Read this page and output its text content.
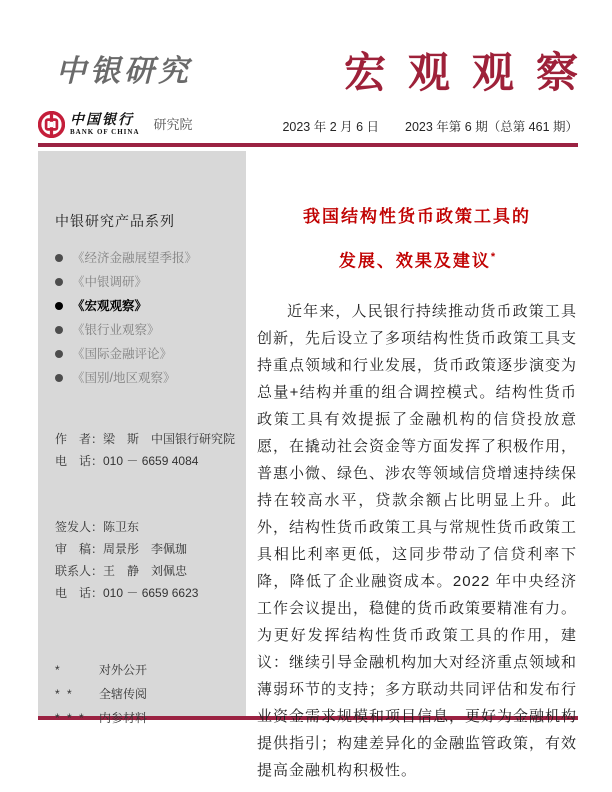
中银研究	宏观观察
中国银行
BANK OF CHINA 研究院	2023 年 2 月 6 日 2023 年第 6 期（总第 461 期）
中银研究产品系列
《经济金融展望季报》
《中银调研》
《宏观观察》
《银行业观察》
《国际金融评论》
《国别/地区观察》
作　者：梁　斯　中国银行研究院
电　话：010 － 6659 4084
签发人：陈卫东
审　稿：周景彤　李佩珈
联系人：王　静　刘佩忠
电　话：010 － 6659 6623
*	对外公开
* *	全辖传阅
* * *	内参材料
我国结构性货币政策工具的
发展、效果及建议*

近年来，人民银行持续推动货币政策工具创新，先后设立了多项结构性货币政策工具支持重点领域和行业发展，货币政策逐步演变为总量+结构并重的组合调控模式。结构性货币政策工具有效提振了金融机构的信贷投放意愿，在撬动社会资金等方面发挥了积极作用，普惠小微、绿色、涉农等领域信贷增速持续保持在较高水平，贷款余额占比明显上升。此外，结构性货币政策工具与常规性货币政策工具相比利率更低，这同步带动了信贷利率下降，降低了企业融资成本。2022 年中央经济工作会议提出，稳健的货币政策要精准有力。为更好发挥结构性货币政策工具的作用，建议：继续引导金融机构加大对经济重点领域和薄弱环节的支持；多方联动共同评估和发布行业资金需求规模和项目信息，更好为金融机构提供指引；构建差异化的金融监管政策，有效提高金融机构积极性。
